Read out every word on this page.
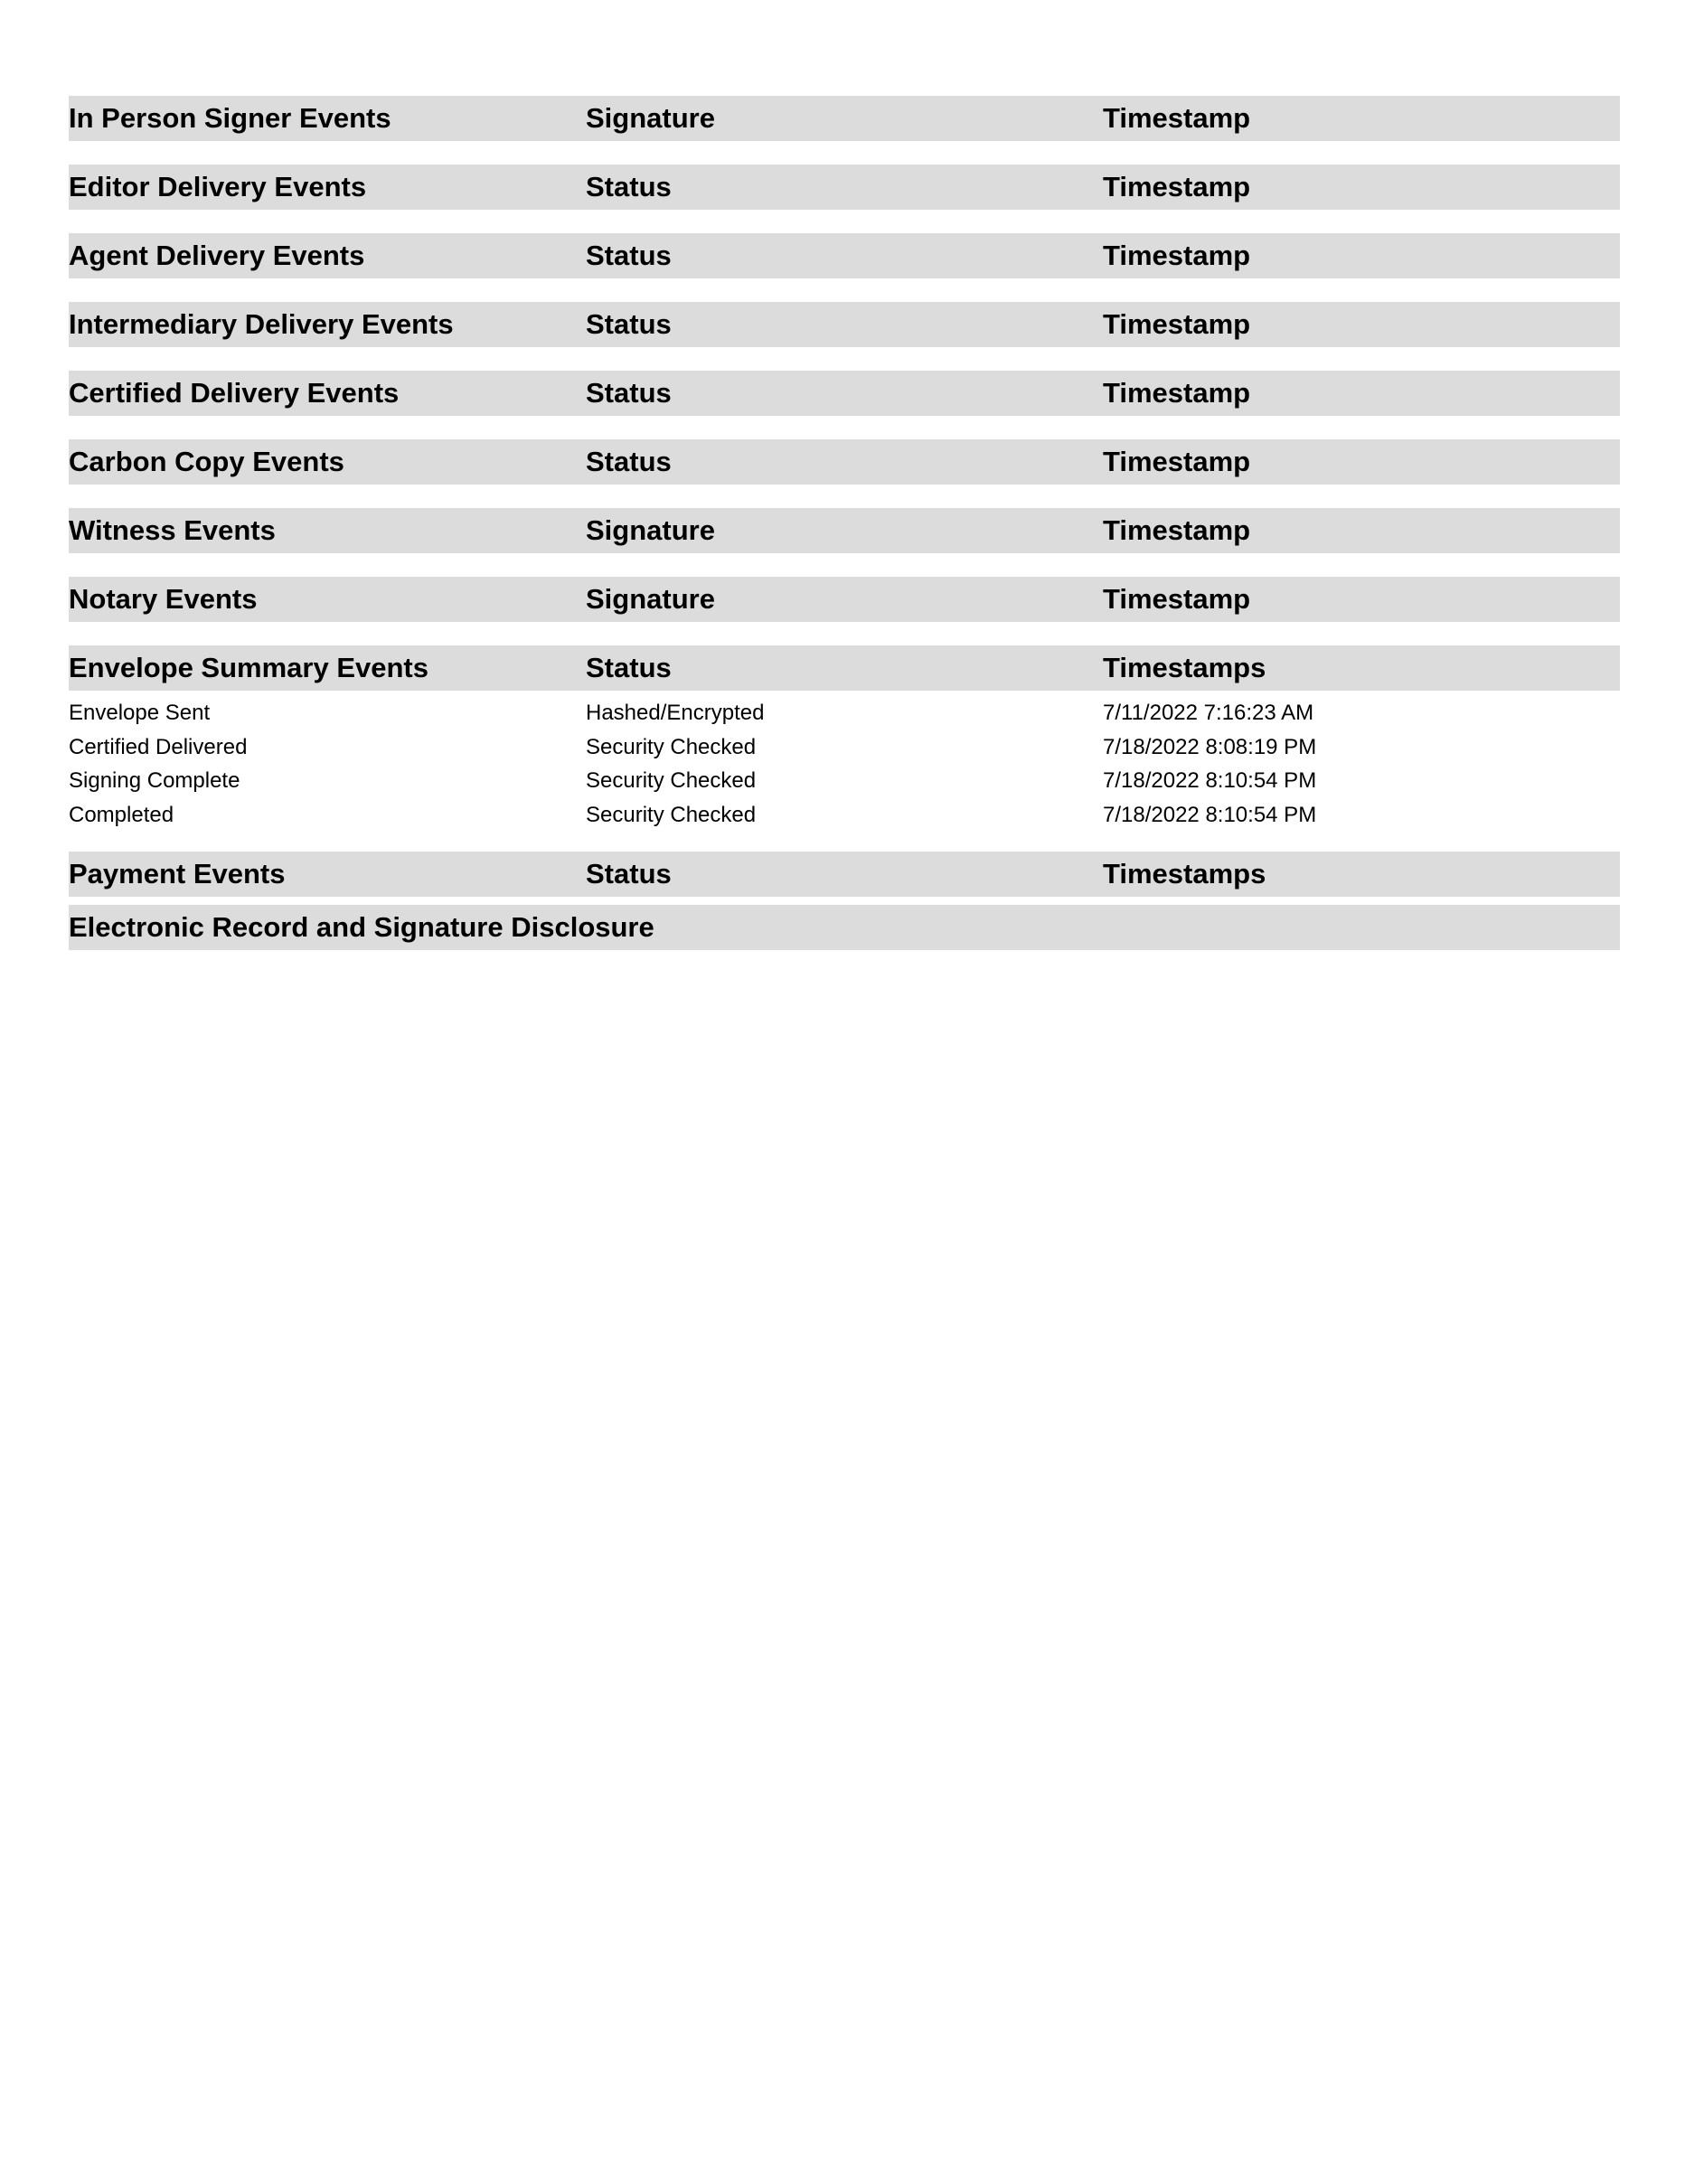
In Person Signer Events	Signature	Timestamp
Editor Delivery Events	Status	Timestamp
Agent Delivery Events	Status	Timestamp
Intermediary Delivery Events	Status	Timestamp
Certified Delivery Events	Status	Timestamp
Carbon Copy Events	Status	Timestamp
Witness Events	Signature	Timestamp
Notary Events	Signature	Timestamp
Envelope Summary Events	Status	Timestamps
Envelope Sent	Hashed/Encrypted	7/11/2022 7:16:23 AM
Certified Delivered	Security Checked	7/18/2022 8:08:19 PM
Signing Complete	Security Checked	7/18/2022 8:10:54 PM
Completed	Security Checked	7/18/2022 8:10:54 PM
Payment Events	Status	Timestamps
Electronic Record and Signature Disclosure
